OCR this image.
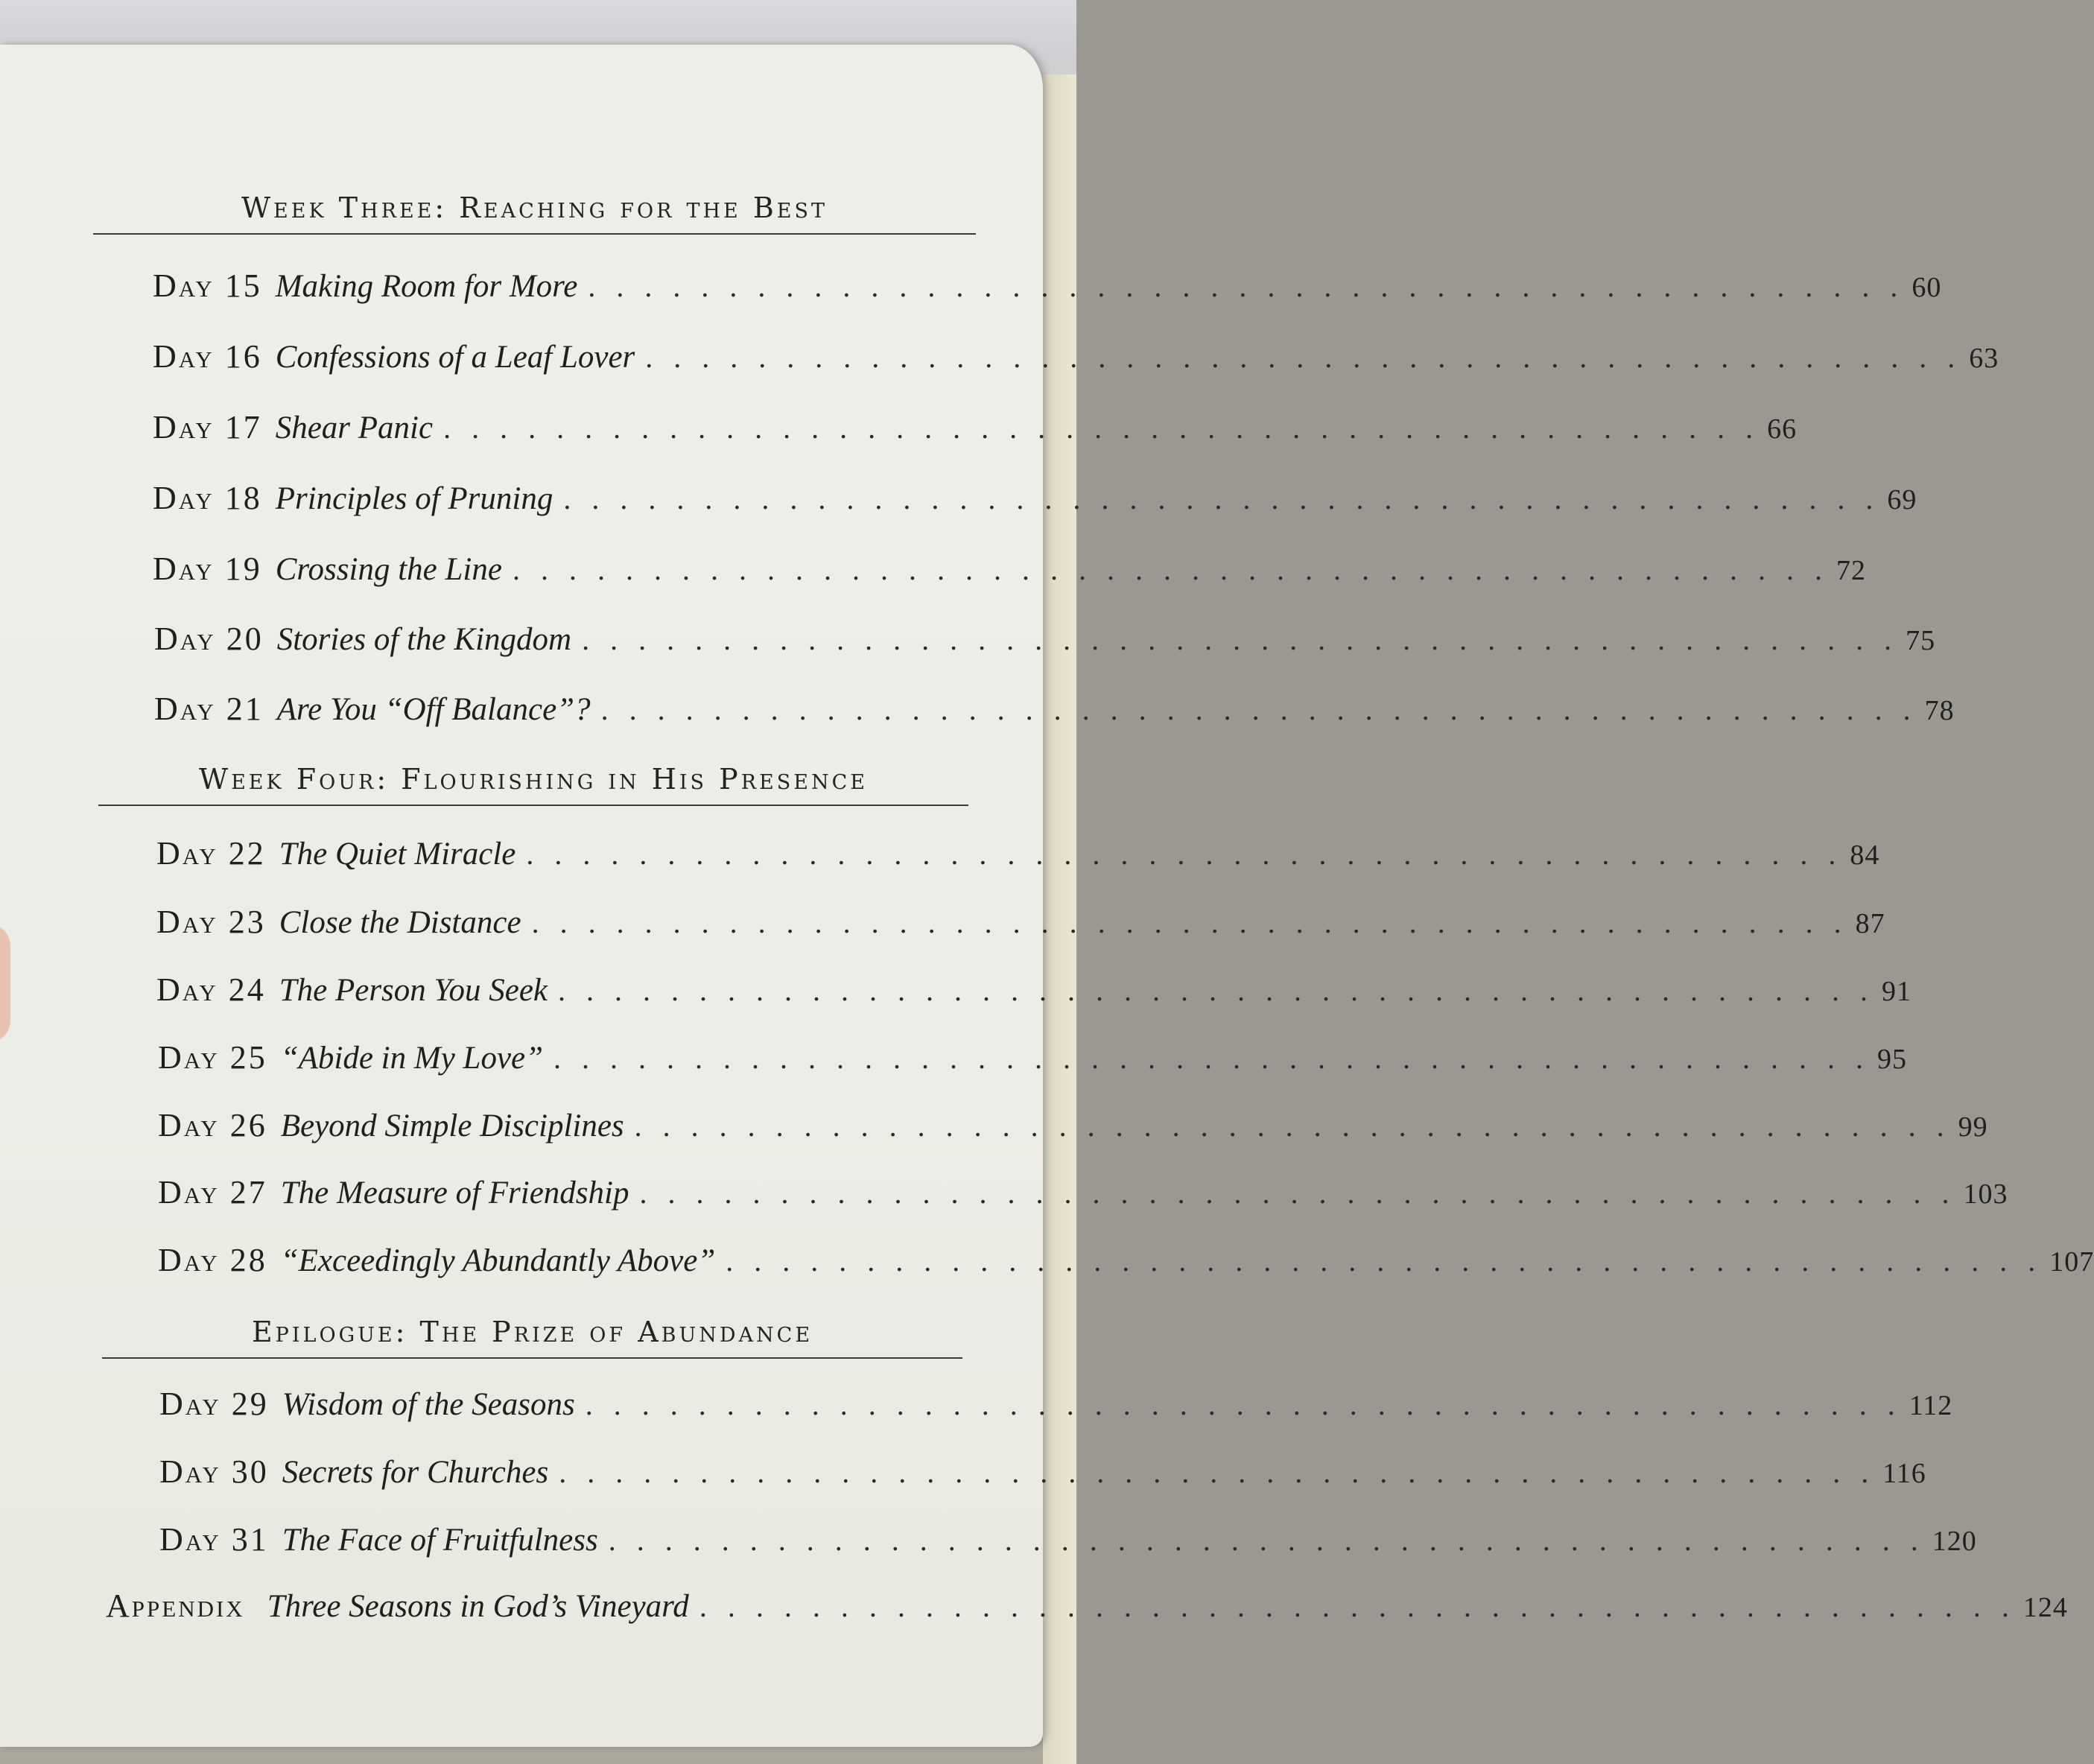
Week Three: Reaching for the Best
Day 15 Making Room for More . . . . . . . . . . . . . . . . . . . . . . . . . . . . . . . . . . . . . . . . . . . . . . . 60
Day 16 Confessions of a Leaf Lover . . . . . . . . . . . . . . . . . . . . . . . . . . . . . . . . . . . . . . . . . . . . . . . 63
Day 17 Shear Panic . . . . . . . . . . . . . . . . . . . . . . . . . . . . . . . . . . . . . . . . . . . . . . . 66
Day 18 Principles of Pruning . . . . . . . . . . . . . . . . . . . . . . . . . . . . . . . . . . . . . . . . . . . . . . . 69
Day 19 Crossing the Line . . . . . . . . . . . . . . . . . . . . . . . . . . . . . . . . . . . . . . . . . . . . . . . 72
Day 20 Stories of the Kingdom . . . . . . . . . . . . . . . . . . . . . . . . . . . . . . . . . . . . . . . . . . . . . . . 75
Day 21 Are You “Off Balance”? . . . . . . . . . . . . . . . . . . . . . . . . . . . . . . . . . . . . . . . . . . . . . . . 78
Week Four: Flourishing in His Presence
Day 22 The Quiet Miracle . . . . . . . . . . . . . . . . . . . . . . . . . . . . . . . . . . . . . . . . . . . . . . . 84
Day 23 Close the Distance . . . . . . . . . . . . . . . . . . . . . . . . . . . . . . . . . . . . . . . . . . . . . . . 87
Day 24 The Person You Seek . . . . . . . . . . . . . . . . . . . . . . . . . . . . . . . . . . . . . . . . . . . . . . . 91
Day 25 “Abide in My Love” . . . . . . . . . . . . . . . . . . . . . . . . . . . . . . . . . . . . . . . . . . . . . . . 95
Day 26 Beyond Simple Disciplines . . . . . . . . . . . . . . . . . . . . . . . . . . . . . . . . . . . . . . . . . . . . . . . 99
Day 27 The Measure of Friendship . . . . . . . . . . . . . . . . . . . . . . . . . . . . . . . . . . . . . . . . . . . . . . . 103
Day 28 “Exceedingly Abundantly Above” . . . . . . . . . . . . . . . . . . . . . . . . . . . . . . . . . . . . . . . . . . . . . . . 107
Epilogue: The Prize of Abundance
Day 29 Wisdom of the Seasons . . . . . . . . . . . . . . . . . . . . . . . . . . . . . . . . . . . . . . . . . . . . . . . 112
Day 30 Secrets for Churches . . . . . . . . . . . . . . . . . . . . . . . . . . . . . . . . . . . . . . . . . . . . . . . 116
Day 31 The Face of Fruitfulness . . . . . . . . . . . . . . . . . . . . . . . . . . . . . . . . . . . . . . . . . . . . . . . 120
Appendix Three Seasons in God’s Vineyard . . . . . . . . . . . . . . . . . . . . . . . . . . . . . . . . . . . . . . . . . . . . . . . 124
